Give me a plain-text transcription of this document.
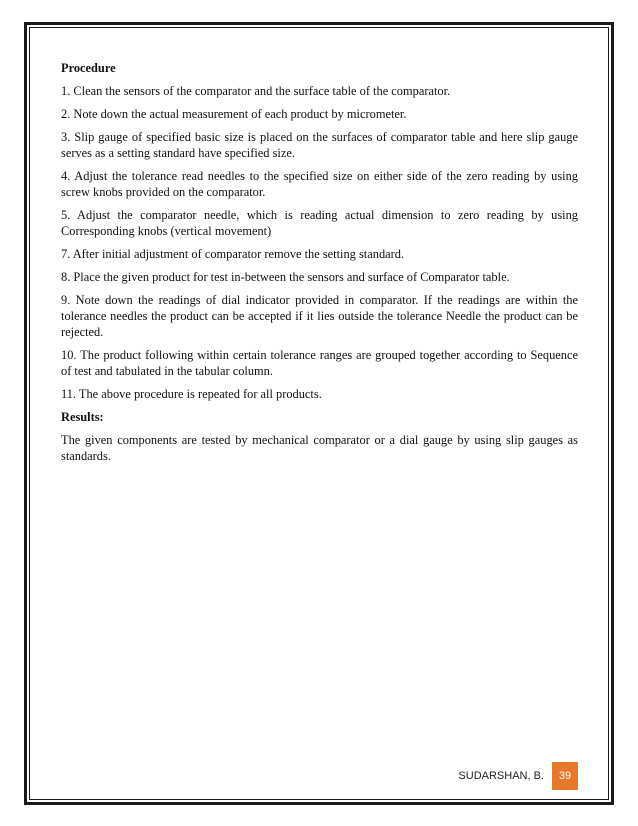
Procedure

1. Clean the sensors of the comparator and the surface table of the comparator.

2. Note down the actual measurement of each product by micrometer.

3. Slip gauge of specified basic size is placed on the surfaces of comparator table and here slip gauge serves as a setting standard have specified size.

4. Adjust the tolerance read needles to the specified size on either side of the zero reading by using screw knobs provided on the comparator.

5. Adjust the comparator needle, which is reading actual dimension to zero reading by using Corresponding knobs (vertical movement)

7. After initial adjustment of comparator remove the setting standard.

8. Place the given product for test in-between the sensors and surface of Comparator table.

9. Note down the readings of dial indicator provided in comparator. If the readings are within the tolerance needles the product can be accepted if it lies outside the tolerance Needle the product can be rejected.

10. The product following within certain tolerance ranges are grouped together according to Sequence of test and tabulated in the tabular column.

11. The above procedure is repeated for all products.

Results:

The given components are tested by mechanical comparator or a dial gauge by using slip gauges as standards.

SUDARSHAN, B.	39
